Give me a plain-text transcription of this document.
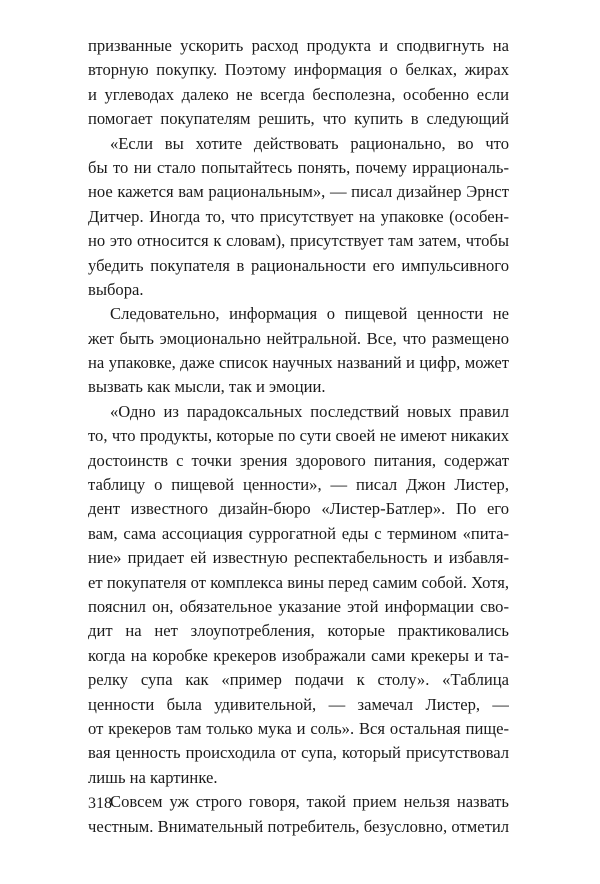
призванные ускорить расход продукта и сподвигнуть на
вторную покупку. Поэтому информация о белках, жирах
и углеводах далеко не всегда бесполезна, особенно если
помогает покупателям решить, что купить в следующий
«Если вы хотите действовать рационально, во что
бы то ни стало попытайтесь понять, почему иррациональ-
ное кажется вам рациональным», — писал дизайнер Эрнст
Дитчер. Иногда то, что присутствует на упаковке (особен-
но это относится к словам), присутствует там затем, чтобы
убедить покупателя в рациональности его импульсивного
выбора.
Следовательно, информация о пищевой ценности не
жет быть эмоционально нейтральной. Все, что размещено
на упаковке, даже список научных названий и цифр, может
вызвать как мысли, так и эмоции.
«Одно из парадоксальных последствий новых правил
то, что продукты, которые по сути своей не имеют никаких
достоинств с точки зрения здорового питания, содержат
таблицу о пищевой ценности», — писал Джон Листер,
дент известного дизайн-бюро «Листер-Батлер». По его
вам, сама ассоциация суррогатной еды с термином «пита-
ние» придает ей известную респектабельность и избавля-
ет покупателя от комплекса вины перед самим собой. Хотя,
пояснил он, обязательное указание этой информации сво-
дит на нет злоупотребления, которые практиковались
когда на коробке крекеров изображали сами крекеры и та-
релку супа как «пример подачи к столу». «Таблица
ценности была удивительной, — замечал Листер, —
от крекеров там только мука и соль». Вся остальная пище-
вая ценность происходила от супа, который присутствовал
лишь на картинке.
Совсем уж строго говоря, такой прием нельзя назвать
честным. Внимательный потребитель, безусловно, отметил
318
